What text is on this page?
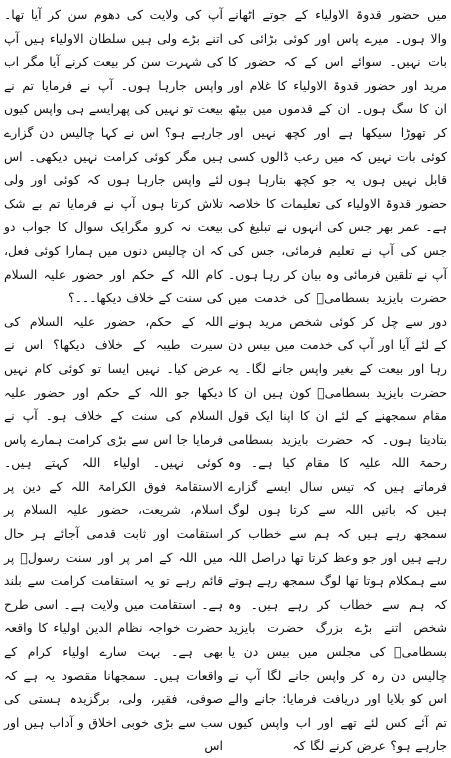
آپ کی ولایت کی دھوم سن کر آیا تھا۔ اتنے بڑے ولی ہیں سلطان الاولیاء ہیں آپ کی شہرت سن کر بیعت کرنے آیا مگر اب واپس جارہا ہوں۔ آپ نے فرمایا تم نے بیعت تو نہیں کی پھرایسے ہی واپس کیوں جارہے ہو؟ اس نے کہا چالیس دن گزارے ہیں مگر کوئی کرامت نہیں دیکھی۔ اس لئے واپس جارہا ہوں کہ کوئی اور ولی تلاش کرتا ہوں آپ نے فرمایا تم بے شک بیعت نہ کرو مگرایک سوال کا جواب دو کہ ان چالیس دنوں میں ہمارا کوئی فعل، کام اللہ کے حکم اور حضور علیہ السلام کی سنت کے خلاف دیکھا۔۔۔؟

اللہ کے حکم، حضور علیہ السلام کی سیرت طیبہ کے خلاف دیکھا؟ اس نے عرض کیا۔ نہیں ایسا تو کوئی کام نہیں دیکھا جو اللہ کے حکم اور حضور علیہ السلام کی سنت کے خلاف ہو۔ آپ نے فرمایا جا اس سے بڑی کرامت ہمارے پاس کوئی نہیں۔ اولیاء اللہ کہتے ہیں۔ الاستقامۃ فوق الکرامۃ اللہ کے دین پر اسلام، شریعت، حضور علیہ السلام پر استقامت اور ثابت قدمی آجائے ہر حال میں اللہ کے امر پر اور سنت رسولؐ پر قائم رہے تو یہ استقامت کرامت سے بلند ہے۔ استقامت میں ولایت ہے۔ اسی طرح حضرت خواجہ نظام الدین اولیاء کا واقعہ بھی ہے۔ بہت سارے اولیاء کرام کے واقعات ہیں۔ سمجھانا مقصود یہ ہے کہ صوفی، فقیر، ولی، برگزیدہ ہستی کی سب سے بڑی خوبی اخلاق و آداب ہیں اور اس

میں حضور قدوۃ الاولیاء کے جوتے اٹھانے والا ہوں۔ میرے پاس اور کوئی بڑائی کی بات نہیں۔ سوائے اس کے کہ حضور کا مرید اور حضور قدوۃ الاولیاء کا غلام اور ان کا سگ ہوں۔ ان کے قدموں میں بیٹھ کر تھوڑا سیکھا ہے اور کچھ نہیں اور کوئی بات نہیں کہ میں رعب ڈالوں کسی قابل نہیں ہوں یہ جو کچھ بتارہا ہوں حضور قدوۃ الاولیاء کی تعلیمات کا خلاصہ ہے۔ عمر بھر جس کی انہوں نے تبلیغ کی جس کی آپ نے تعلیم فرمائی، جس کی آپ نے تلقین فرمائی وہ بیان کر رہا ہوں۔ حضرت بایزید بسطامیؒ کی خدمت میں دور سے چل کر کوئی شخص مرید ہونے کے لئے آیا اور آپ کی خدمت میں بیس دن رہا اور بیعت کے بغیر واپس جانے لگا۔ یہ حضرت بایزید بسطامیؒ کون ہیں ان کا مقام سمجھنے کے لئے ان کا اپنا ایک قول بتادیتا ہوں۔ کہ حضرت بایزید بسطامی رحمۃ اللہ علیہ کا مقام کیا ہے۔ وہ فرماتے ہیں کہ تیس سال ایسے گزارے ہیں کہ باتیں اللہ سے کرتا ہوں لوگ سمجھ رہے ہیں کہ ہم سے خطاب کر رہے ہیں اور جو وعظ کرتا تھا دراصل اللہ سے ہمکلام ہوتا تھا لوگ سمجھ رہے ہوتے کہ ہم سے خطاب کر رہے ہیں۔ وہ شخص اتنے بڑے بزرگ حضرت بایزید بسطامیؒ کی مجلس میں بیس دن یا چالیس دن رہ کر واپس جانے لگا آپ نے اس کو بلایا اور دریافت فرمایا: جانے والے تم آئے کس لئے تھے اور اب واپس کیوں جارہے ہو؟ عرض کرنے لگا کہ
